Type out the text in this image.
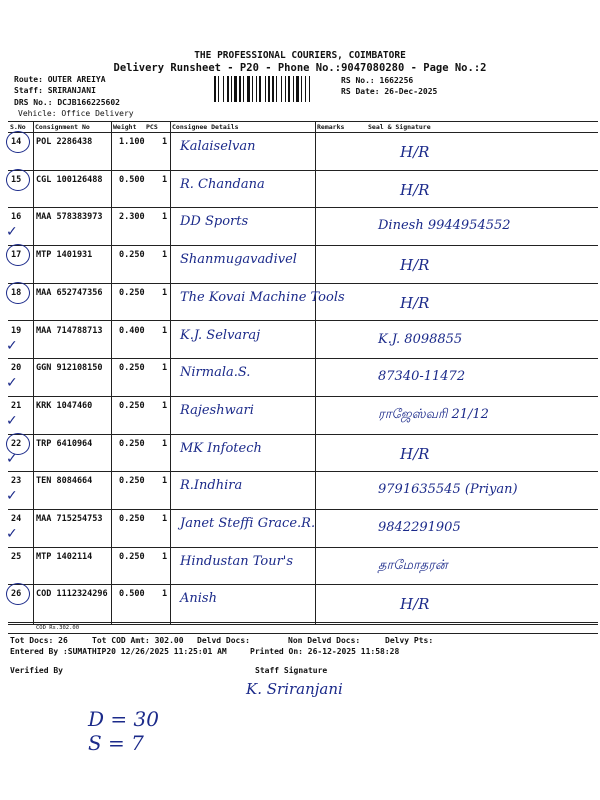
THE PROFESSIONAL COURIERS, COIMBATORE
Delivery Runsheet - P20 - Phone No.:9047080280 - Page No.:2
Route: OUTER AREIYA
Staff: SRIRANJANI
DRS No.: DCJB166225602
Vehicle: Office Delivery
RS No.: 1662256
RS Date: 26-Dec-2025
S.No Consignment No	Weight PCS Consignee Details	Remarks	Seal & Signature
14 POL 2286438	1.100 1 Kalaiselvan	H/R
15 CGL 100126488 0.500 1 R. Chandana	H/R
16 MAA 578383973 2.300 1 DD Sports	Dinesh 9944954552
✓
17 MTP 1401931	0.250 1 Shanmugavadivel	H/R
18 MAA 652747356 0.250 1 The Kovai Machine Tools	H/R
19 MAA 714788713 0.400 1 K.J. Selvaraj	K.J. 8098855
✓
20 GGN 912108150 0.250 1 Nirmala.S.	87340-11472
✓
21 KRK 1047460	0.250 1 Rajeshwari	ராஜேஸ்வரி 21/12
✓
22 TRP 6410964	0.250 1 MK Infotech	H/R
✓
23 TEN 8084664	0.250 1 R.Indhira	9791635545 (Priyan)
✓
24 MAA 715254753 0.250 1 Janet Steffi Grace.R.	9842291905
✓
25 MTP 1402114	0.250 1 Hindustan Tour's	தாமோதரன்
26 COD 1112324296 0.500 1 Anish	H/R
COD Rs.302.00
Tot Docs: 26	Tot COD Amt: 302.00 Delvd Docs:	Non Delvd Docs:	Delvy Pts:
Entered By :SUMATHIP20 12/26/2025 11:25:01 AM	Printed On: 26-12-2025 11:58:28
Verified By	Staff Signature
K. Sriranjani
D = 30
S = 7
